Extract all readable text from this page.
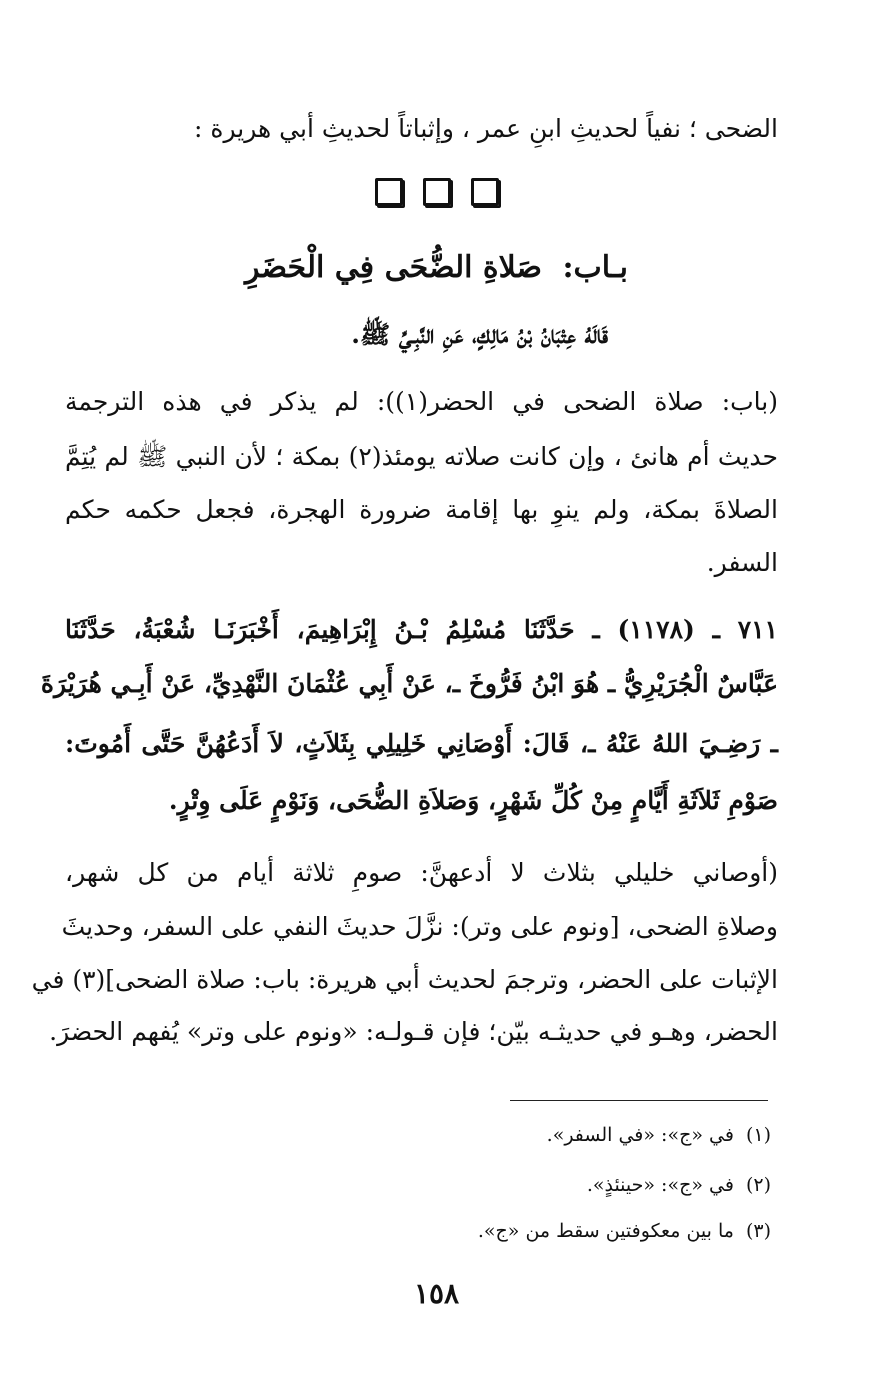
الضحى ؛ نفياً لحديثِ ابنِ عمر ، وإثباتاً لحديثِ أبي هريرة :
بـاب: صَلاةِ الضُّحَى فِي الْحَضَرِ
قَالَهُ عِتْبَانُ بْنُ مَالِكٍ، عَنِ النَّبِـيِّ ﷺ.
(باب: صلاة الضحى في الحضر(١)): لم يذكر في هذه الترجمة
حديث أم هانئ ، وإن كانت صلاته يومئذ(٢) بمكة ؛ لأن النبي ﷺ لم يُتِمَّ
الصلاةَ بمكة، ولم ينوِ بها إقامة ضرورة الهجرة، فجعل حكمه حكم
السفر.
٧١١ ـ (١١٧٨) ـ حَدَّثَنَا مُسْلِمُ بْـنُ إِبْرَاهِيمَ، أَخْبَرَنَـا شُعْبَةُ، حَدَّثَنَا
عَبَّاسٌ الْجُرَيْرِيُّ ـ هُوَ ابْنُ فَرُّوخَ ـ، عَنْ أَبِي عُثْمَانَ النَّهْدِيِّ، عَنْ أَبِـي هُرَيْرَةَ
ـ رَضِـيَ اللهُ عَنْهُ ـ، قَالَ: أَوْصَانِي خَلِيلِي بِثَلاَثٍ، لاَ أَدَعُهُنَّ حَتَّى أَمُوتَ:
صَوْمِ ثَلاَثَةِ أَيَّامٍ مِنْ كُلِّ شَهْرٍ، وَصَلاَةِ الضُّحَى، وَنَوْمٍ عَلَى وِتْرٍ.
(أوصاني خليلي بثلاث لا أدعهنَّ: صومِ ثلاثة أيام من كل شهر،
وصلاةِ الضحى، [ونوم على وتر): نزَّلَ حديثَ النفي على السفر، وحديثَ
الإثبات على الحضر، وترجمَ لحديث أبي هريرة: باب: صلاة الضحى](٣) في
الحضر، وهـو في حديثـه بيّن؛ فإن قـولـه: «ونوم على وتر» يُفهم الحضرَ.
(١)في «ج»: «في السفر».
(٢)في «ج»: «حينئذٍ».
(٣)ما بين معكوفتين سقط من «ج».
١٥٨
